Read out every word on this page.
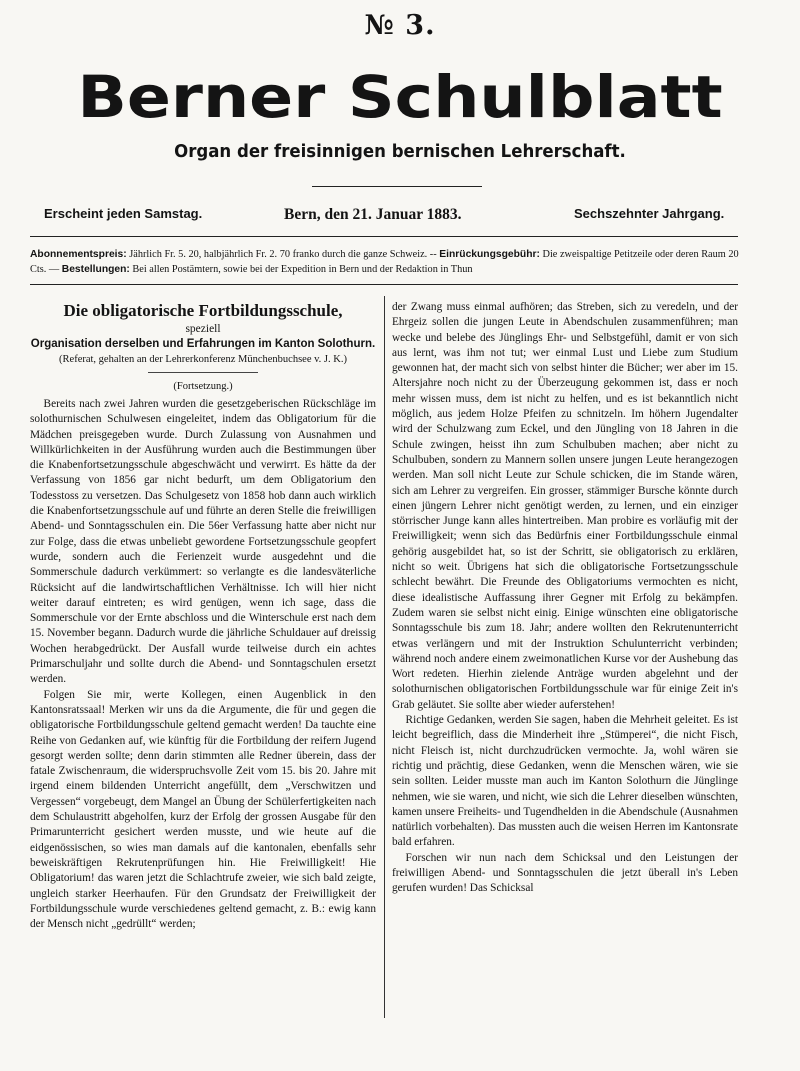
№ 3.
Berner Schulblatt
Organ der freisinnigen bernischen Lehrerschaft.
Erscheint jeden Samstag.	Bern, den 21. Januar 1883.	Sechszehnter Jahrgang.
Abonnementspreis: Jährlich Fr. 5. 20, halbjährlich Fr. 2. 70 franko durch die ganze Schweiz. -- Einrückungsgebühr: Die zweispaltige Petitzeile oder deren Raum 20 Cts. — Bestellungen: Bei allen Postämtern, sowie bei der Expedition in Bern und der Redaktion in Thun
Die obligatorische Fortbildungsschule,
speziell
Organisation derselben und Erfahrungen im Kanton Solothurn.
(Referat, gehalten an der Lehrerkonferenz Münchenbuchsee v. J. K.)
(Fortsetzung.)

Bereits nach zwei Jahren wurden die gesetzgeberischen Rückschläge im solothurnischen Schulwesen eingeleitet, indem das Obligatorium für die Mädchen preisgegeben wurde. Durch Zulassung von Ausnahmen und Willkürlichkeiten in der Ausführung wurden auch die Bestimmungen über die Knabenfortsetzungsschule abgeschwächt und verwirrt. Es hätte da der Verfassung von 1856 gar nicht bedurft, um dem Obligatorium den Todesstoss zu versetzen. Das Schulgesetz von 1858 hob dann auch wirklich die Knabenfortsetzungsschule auf und führte an deren Stelle die freiwilligen Abend- und Sonntagsschulen ein. Die 56er Verfassung hatte aber nicht nur zur Folge, dass die etwas unbeliebt gewordene Fortsetzungsschule geopfert wurde, sondern auch die Ferienzeit wurde ausgedehnt und die Sommerschule dadurch verkümmert: so verlangte es die landesväterliche Rücksicht auf die landwirtschaftlichen Verhältnisse. Ich will hier nicht weiter darauf eintreten; es wird genügen, wenn ich sage, dass die Sommerschule vor der Ernte abschloss und die Winterschule erst nach dem 15. November begann. Dadurch wurde die jährliche Schuldauer auf dreissig Wochen herabgedrückt. Der Ausfall wurde teilweise durch ein achtes Primarschuljahr und sollte durch die Abend- und Sonntagschulen ersetzt werden.

Folgen Sie mir, werte Kollegen, einen Augenblick in den Kantonsratssaal! Merken wir uns da die Argumente, die für und gegen die obligatorische Fortbildungsschule geltend gemacht werden! Da tauchte eine Reihe von Gedanken auf, wie künftig für die Fortbildung der reifern Jugend gesorgt werden sollte; denn darin stimmten alle Redner überein, dass der fatale Zwischenraum, die widerspruchsvolle Zeit vom 15. bis 20. Jahre mit irgend einem bildenden Unterricht angefüllt, dem „Verschwitzen und Vergessen“ vorgebeugt, dem Mangel an Übung der Schülerfertigkeiten nach dem Schulaustritt abgeholfen, kurz der Erfolg der grossen Ausgabe für den Primarunterricht gesichert werden musste, und wie heute auf die eidgenössischen, so wies man damals auf die kantonalen, ebenfalls sehr beweiskräftigen Rekrutenprüfungen hin. Hie Freiwilligkeit! Hie Obligatorium! das waren jetzt die Schlachtrufe zweier, wie sich bald zeigte, ungleich starker Heerhaufen. Für den Grundsatz der Freiwilligkeit der Fortbildungsschule wurde verschiedenes geltend gemacht, z. B.: ewig kann der Mensch nicht „gedrüllt“ werden;

der Zwang muss einmal aufhören; das Streben, sich zu veredeln, und der Ehrgeiz sollen die jungen Leute in Abendschulen zusammenführen; man wecke und belebe des Jünglings Ehr- und Selbstgefühl, damit er von sich aus lernt, was ihm not tut; wer einmal Lust und Liebe zum Studium gewonnen hat, der macht sich von selbst hinter die Bücher; wer aber im 15. Altersjahre noch nicht zu der Überzeugung gekommen ist, dass er noch mehr wissen muss, dem ist nicht zu helfen, und es ist bekanntlich nicht möglich, aus jedem Holze Pfeifen zu schnitzeln. Im höhern Jugendalter wird der Schulzwang zum Eckel, und den Jüngling von 18 Jahren in die Schule zwingen, heisst ihn zum Schulbuben machen; aber nicht zu Schulbuben, sondern zu Mannern sollen unsere jungen Leute herangezogen werden. Man soll nicht Leute zur Schule schicken, die im Stande wären, sich am Lehrer zu vergreifen. Ein grosser, stämmiger Bursche könnte durch einen jüngern Lehrer nicht genötigt werden, zu lernen, und ein einziger störrischer Junge kann alles hintertreiben. Man probire es vorläufig mit der Freiwilligkeit; wenn sich das Bedürfnis einer Fortbildungsschule einmal gehörig ausgebildet hat, so ist der Schritt, sie obligatorisch zu erklären, nicht so weit. Übrigens hat sich die obligatorische Fortsetzungsschule schlecht bewährt. Die Freunde des Obligatoriums vermochten es nicht, diese idealistische Auffassung ihrer Gegner mit Erfolg zu bekämpfen. Zudem waren sie selbst nicht einig. Einige wünschten eine obligatorische Sonntagsschule bis zum 18. Jahr; andere wollten den Rekrutenunterricht etwas verlängern und mit der Instruktion Schulunterricht verbinden; während noch andere einem zweimonatlichen Kurse vor der Aushebung das Wort redeten. Hierhin zielende Anträge wurden abgelehnt und der solothurnischen obligatorischen Fortbildungsschule war für einige Zeit in's Grab geläutet. Sie sollte aber wieder auferstehen!

Richtige Gedanken, werden Sie sagen, haben die Mehrheit geleitet. Es ist leicht begreiflich, dass die Minderheit ihre „Stümperei“, die nicht Fisch, nicht Fleisch ist, nicht durchzudrücken vermochte. Ja, wohl wären sie richtig und prächtig, diese Gedanken, wenn die Menschen wären, wie sie sein sollten. Leider musste man auch im Kanton Solothurn die Jünglinge nehmen, wie sie waren, und nicht, wie sich die Lehrer dieselben wünschten, kamen unsere Freiheits- und Tugendhelden in die Abendschule (Ausnahmen natürlich vorbehalten). Das mussten auch die weisen Herren im Kantonsrate bald erfahren.

Forschen wir nun nach dem Schicksal und den Leistungen der freiwilligen Abend- und Sonntagsschulen die jetzt überall in's Leben gerufen wurden! Das Schicksal
